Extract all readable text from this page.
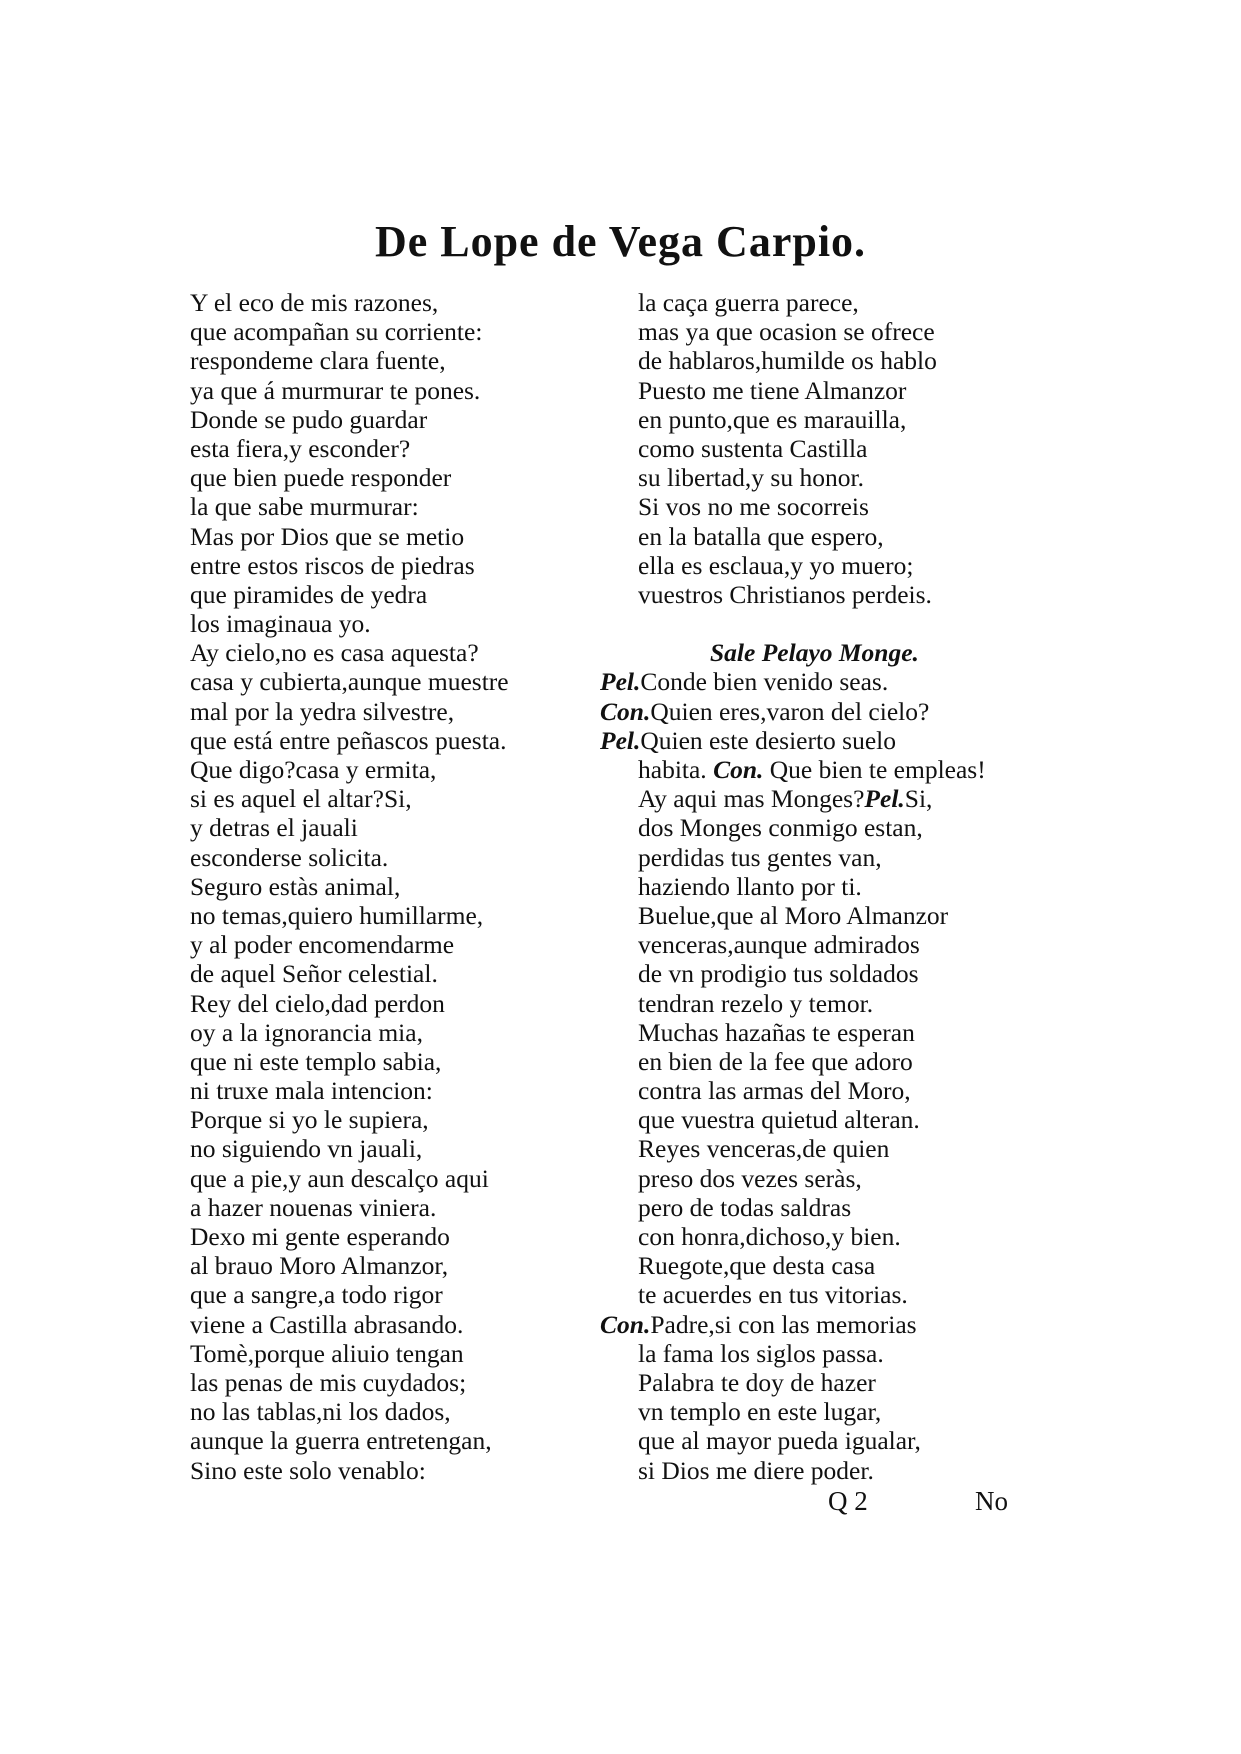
De Lope de Vega Carpio.
Y el eco de mis razones,
que acompañan su corriente:
respondeme clara fuente,
ya que á murmurar te pones.
Donde se pudo guardar
esta fiera,y esconder?
que bien puede responder
la que sabe murmurar:
Mas por Dios que se metio
entre estos riscos de piedras
que piramides de yedra
los imaginaua yo.
Ay cielo,no es casa aquesta?
casa y cubierta,aunque muestre
mal por la yedra silvestre,
que está entre peñascos puesta.
Que digo?casa y ermita,
si es aquel el altar?Si,
y detras el jauali
esconderse solicita.
Seguro estàs animal,
no temas,quiero humillarme,
y al poder encomendarme
de aquel Señor celestial.
Rey del cielo,dad perdon
oy a la ignorancia mia,
que ni este templo sabia,
ni truxe mala intencion:
Porque si yo le supiera,
no siguiendo vn jauali,
que a pie,y aun descalço aqui
a hazer nouenas viniera.
Dexo mi gente esperando
al brauo Moro Almanzor,
que a sangre,a todo rigor
viene a Castilla abrasando.
Tomè,porque aliuio tengan
las penas de mis cuydados;
no las tablas,ni los dados,
aunque la guerra entretengan,
Sino este solo venablo:
la caça guerra parece,
mas ya que ocasion se ofrece
de hablaros,humilde os hablo
Puesto me tiene Almanzor
en punto,que es marauilla,
como sustenta Castilla
su libertad,y su honor.
Si vos no me socorreis
en la batalla que espero,
ella es esclaua,y yo muero;
vuestros Christianos perdeis.
Sale Pelayo Monge.
Pel.Conde bien venido seas.
Con.Quien eres,varon del cielo?
Pel.Quien este desierto suelo
habita. Con. Que bien te empleas!
Ay aqui mas Monges?Pel.Si,
dos Monges conmigo estan,
perdidas tus gentes van,
haziendo llanto por ti.
Buelue,que al Moro Almanzor
venceras,aunque admirados
de vn prodigio tus soldados
tendran rezelo y temor.
Muchas hazañas te esperan
en bien de la fee que adoro
contra las armas del Moro,
que vuestra quietud alteran.
Reyes venceras,de quien
preso dos vezes seràs,
pero de todas saldras
con honra,dichoso,y bien.
Ruegote,que desta casa
te acuerdes en tus vitorias.
Con.Padre,si con las memorias
la fama los siglos passa.
Palabra te doy de hazer
vn templo en este lugar,
que al mayor pueda igualar,
si Dios me diere poder.
Q 2	No
